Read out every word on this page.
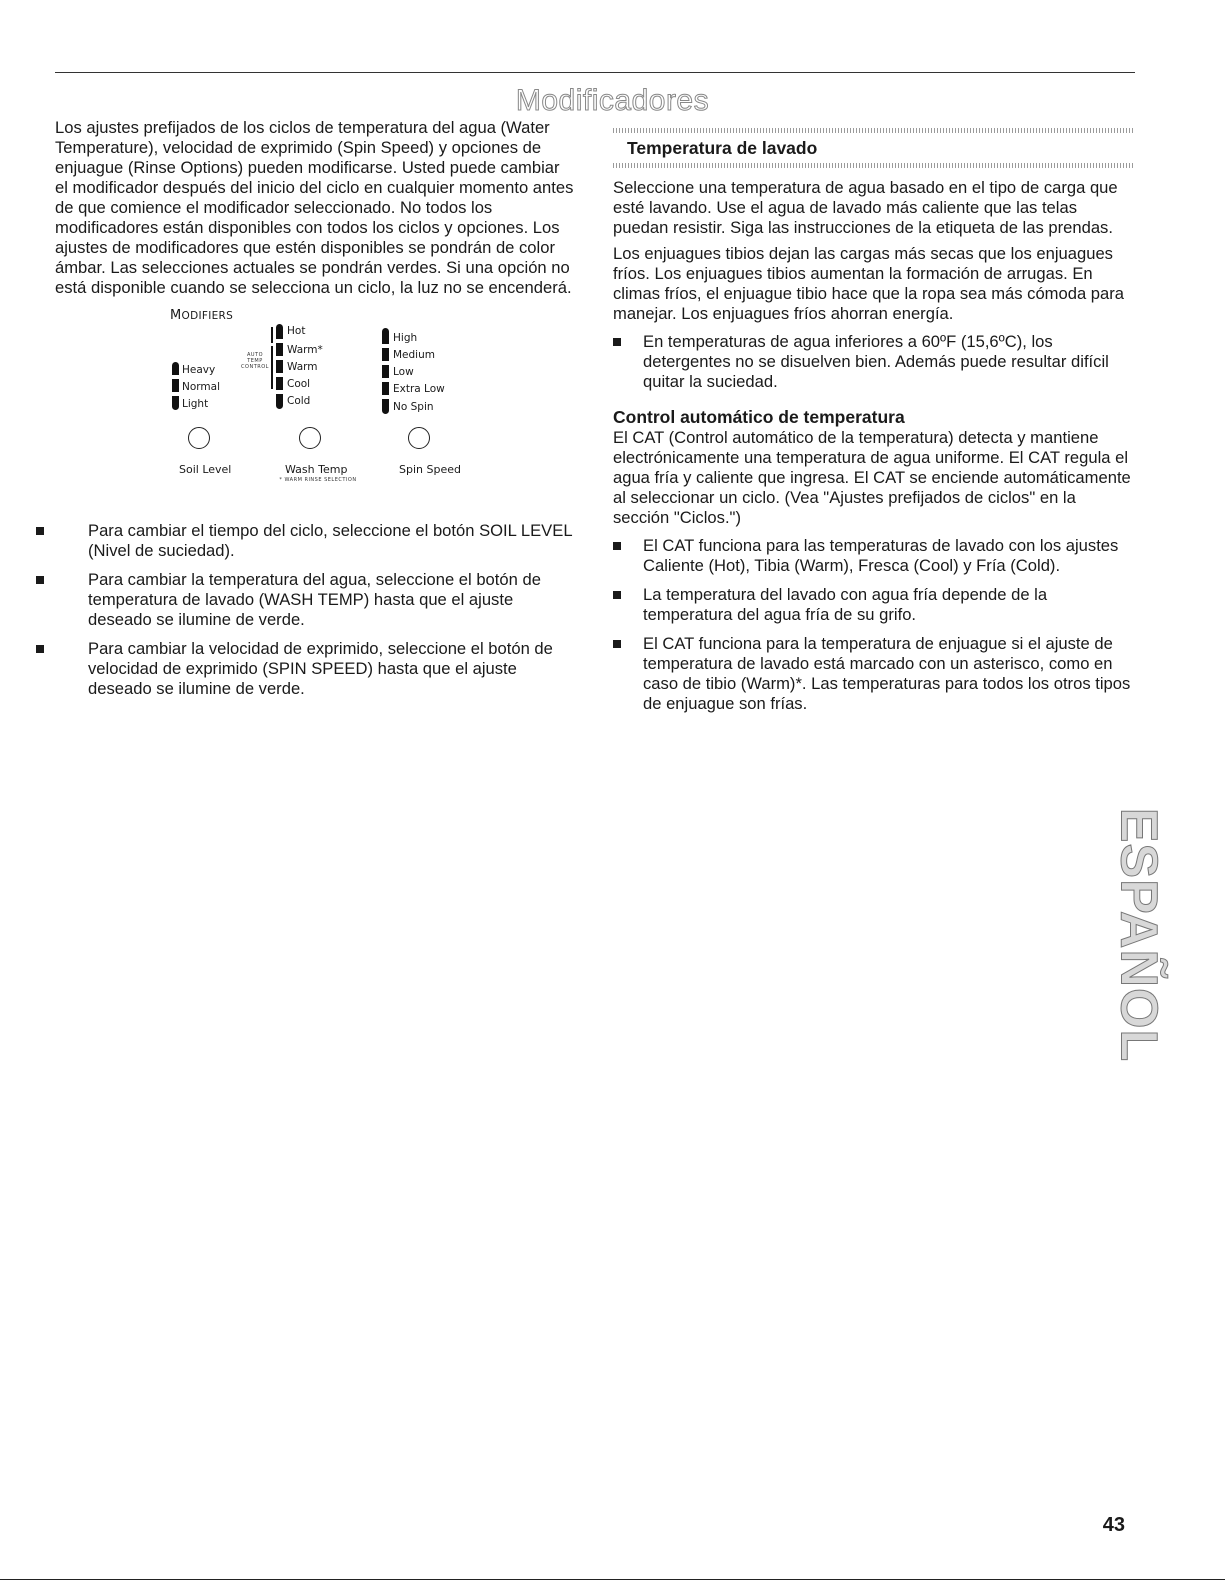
Modificadores

Los ajustes prefijados de los ciclos de temperatura del agua (Water Temperature), velocidad de exprimido (Spin Speed) y opciones de enjuague (Rinse Options) pueden modificarse. Usted puede cambiar el modificador después del inicio del ciclo en cualquier momento antes de que comience el modificador seleccionado. No todos los modificadores están disponibles con todos los ciclos y opciones. Los ajustes de modificadores que estén disponibles se pondrán de color ámbar. Las selecciones actuales se pondrán verdes. Si una opción no está disponible cuando se selecciona un ciclo, la luz no se encenderá.

MODIFIERS
Heavy
Normal
Light
AUTO
TEMP
CONTROL
Hot
Warm*
Warm
Cool
Cold
High
Medium
Low
Extra Low
No Spin
Soil Level	Wash Temp
* WARM RINSE SELECTION
Spin Speed
Para cambiar el tiempo del ciclo, seleccione el botón SOIL LEVEL (Nivel de suciedad).
Para cambiar la temperatura del agua, seleccione el botón de temperatura de lavado (WASH TEMP) hasta que el ajuste deseado se ilumine de verde.
Para cambiar la velocidad de exprimido, seleccione el botón de velocidad de exprimido (SPIN SPEED) hasta que el ajuste deseado se ilumine de verde.
Temperatura de lavado

Seleccione una temperatura de agua basado en el tipo de carga que esté lavando. Use el agua de lavado más caliente que las telas puedan resistir. Siga las instrucciones de la etiqueta de las prendas.

Los enjuagues tibios dejan las cargas más secas que los enjuagues fríos. Los enjuagues tibios aumentan la formación de arrugas. En climas fríos, el enjuague tibio hace que la ropa sea más cómoda para manejar. Los enjuagues fríos ahorran energía.

En temperaturas de agua inferiores a 60ºF (15,6ºC), los detergentes no se disuelven bien. Además puede resultar difícil quitar la suciedad.
Control automático de temperatura

El CAT (Control automático de la temperatura) detecta y mantiene electrónicamente una temperatura de agua uniforme. El CAT regula el agua fría y caliente que ingresa. El CAT se enciende automáticamente al seleccionar un ciclo. (Vea "Ajustes prefijados de ciclos" en la sección "Ciclos.")

El CAT funciona para las temperaturas de lavado con los ajustes Caliente (Hot), Tibia (Warm), Fresca (Cool) y Fría (Cold).
La temperatura del lavado con agua fría depende de la temperatura del agua fría de su grifo.
El CAT funciona para la temperatura de enjuague si el ajuste de temperatura de lavado está marcado con un asterisco, como en caso de tibio (Warm)*. Las temperaturas para todos los otros tipos de enjuague son frías.
ESPAÑOL
43
